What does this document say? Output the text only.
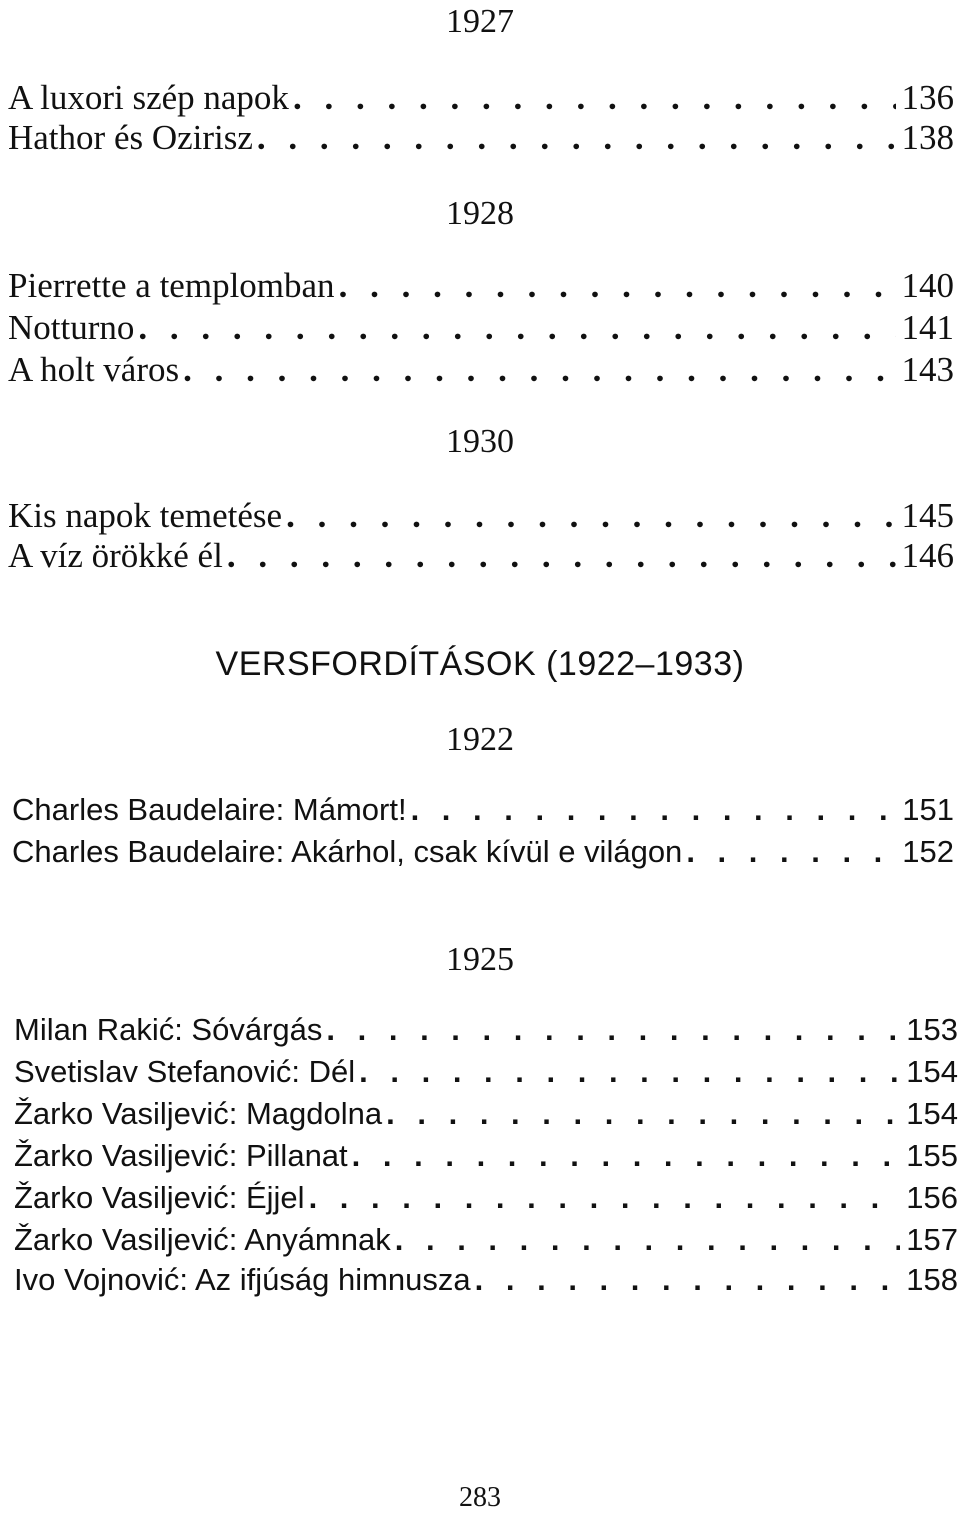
1927
A luxori szép napok . . .	136
Hathor és Ozirisz . . .	138
1928
Pierrette a templomban . . .	140
Notturno . . .	141
A holt város . . .	143
1930
Kis napok temetése . . .	145
A víz örökké él . . .	146
VERSFORDÍTÁSOK (1922–1933)
1922
Charles Baudelaire: Mámort! . . .	151
Charles Baudelaire: Akárhol, csak kívül e világon . . .	152
1925
Milan Rakić: Sóvárgás . . .	153
Svetislav Stefanović: Dél . . .	154
Žarko Vasiljević: Magdolna . . .	154
Žarko Vasiljević: Pillanat . . .	155
Žarko Vasiljević: Éjjel . . .	156
Žarko Vasiljević: Anyámnak . . .	157
Ivo Vojnović: Az ifjúság himnusza . . .	158
283
